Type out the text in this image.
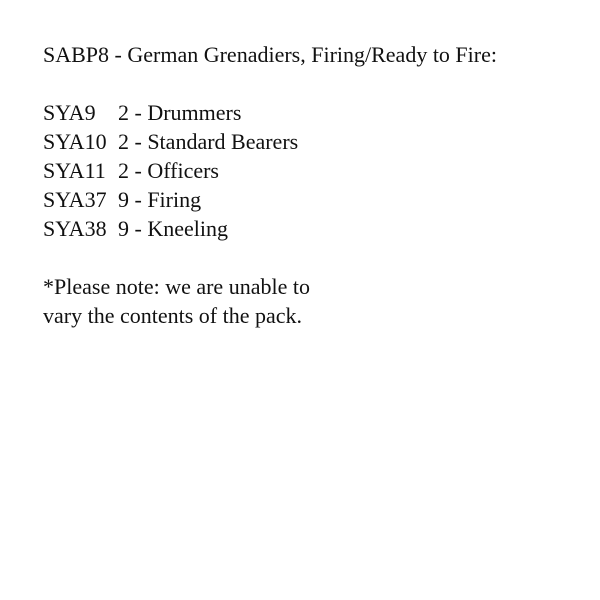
SABP8 - German Grenadiers, Firing/Ready to Fire:

SYA9	2 - Drummers
SYA10 2 - Standard Bearers
SYA11 2 - Officers
SYA37 9 - Firing
SYA38 9 - Kneeling

*Please note: we are unable to vary the contents of the pack.
